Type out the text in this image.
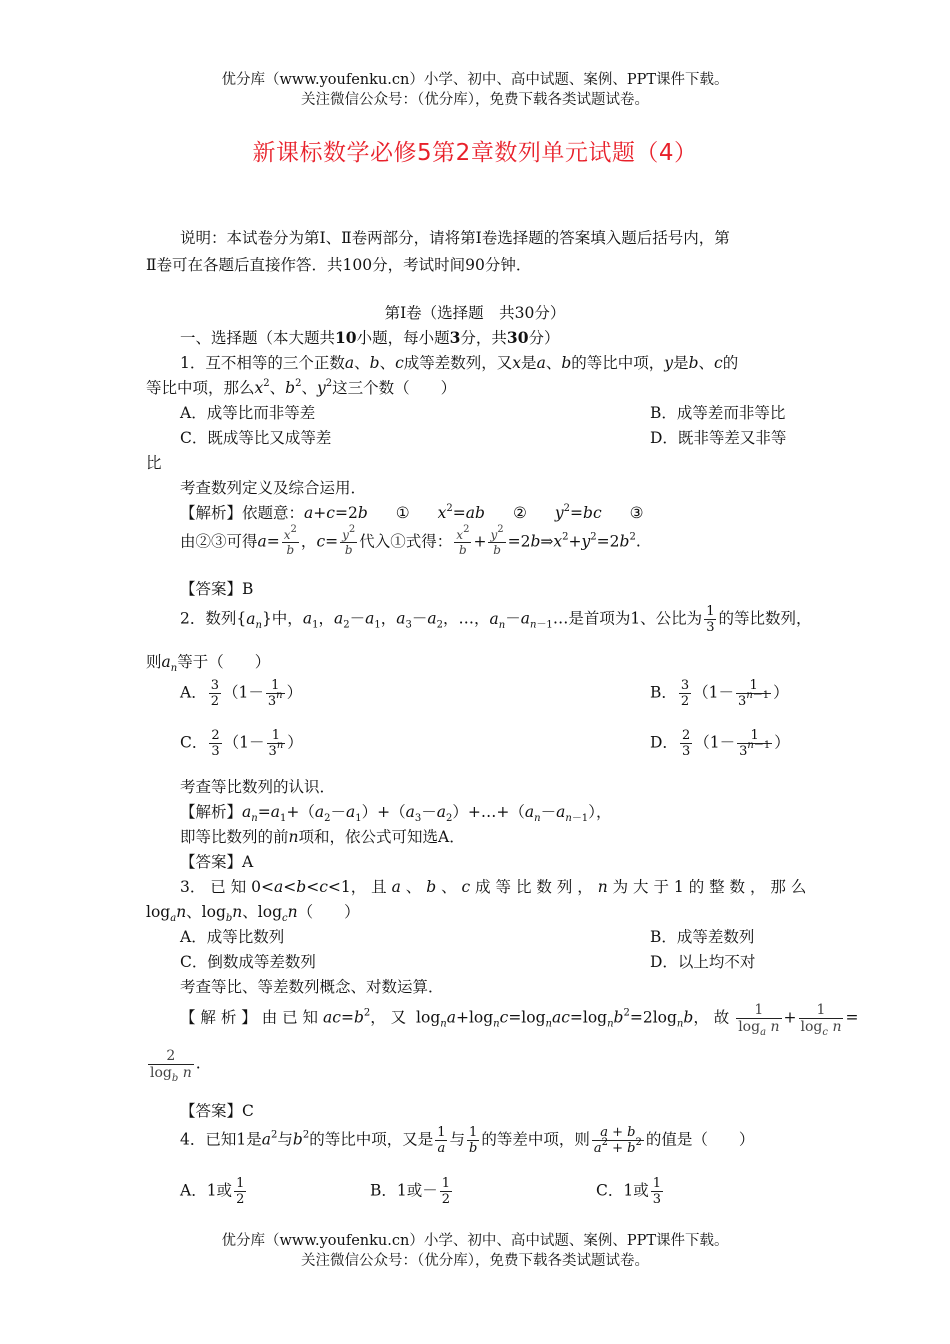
优分库（www.youfenku.cn）小学、初中、高中试题、案例、PPT课件下载。
关注微信公众号：（优分库），免费下载各类试题试卷。
新课标数学必修5第2章数列单元试题（4）
说明：本试卷分为第Ⅰ、Ⅱ卷两部分，请将第Ⅰ卷选择题的答案填入题后括号内，第
Ⅱ卷可在各题后直接作答．共100分，考试时间90分钟．
第Ⅰ卷（选择题　共30分）
一、选择题（本大题共10小题，每小题3分，共30分）
1．互不相等的三个正数a、b、c成等差数列，又x是a、b的等比中项，y是b、c的
等比中项，那么$x^2$、$b^2$、$y^2$这三个数（　　）
A．成等比而非等差	B．成等差而非等比
C．既成等比又成等差	D．既非等差又非等
比
考查数列定义及综合运用．
【解析】依题意：a+c=2b ① $x^2=ab$ ② $y^2=bc$ ③
由②③可得$a= \frac{x^2}{b}$ ，$c= \frac{y^2}{b}$ 代入①式得： $\frac{x^2}{b} + \frac{y^2}{b}$ $=2b\Rightarrow x^2+y^2=2b^2$.
【答案】B
2．数列$\{a_n\}$中，$a_1$，$a_2-a_1$，$a_3-a_2$，…，$a_n-a_{n-1}\dots$是首项为1、公比为 $\frac{1}{3}$ 的等比数列，
则$a_n$等于（　　）
A． $\frac{3}{2} (1- \frac{1}{3^n}$ ）	B． $\frac{3}{2} (1- \frac{1}{3^{n-1}}$ ）
C． $\frac{2}{3} (1- \frac{1}{3^n}$ ）	D． $\frac{2}{3} (1- \frac{1}{3^{n-1}}$ ）
考查等比数列的认识．
【解析】$a_n=a_1+(a_2-a_1)+(a_3-a_2)+\dots+(a_n-a_{n-1})$，
即等比数列的前n项和，依公式可知选A．
【答案】A
3． 已 知 0<a<b<c<1， 且 a 、 b 、 c 成 等 比 数 列 ， n 为 大 于 1 的 整 数 ， 那 么
$\log_an$、$\log_bn$、$\log_cn$（　　）
A．成等比数列	B．成等差数列
C．倒数成等差数列	D．以上均不对
考查等比、等差数列概念、对数运算．
【 解 析 】 由 已 知 $ac=b^2$， 又  $\log_na+\log_nc=\log_nac=\log_nb^2=2\log_nb$， 故 $\frac{1}{\log_a n} + \frac{1}{\log_c n}$ =
$\frac{2}{\log_b n}$ .
【答案】C
4．已知1是$a^2$与$b^2$的等比中项，又是 $\frac{1}{a}$ 与 $\frac{1}{b}$ 的等差中项，则 $\frac{a + b}{a^2 + b^2}$ 的值是（　　）
A．1或 $\frac{1}{2}$	B．1或－ $\frac{1}{2}$	C．1或 $\frac{1}{3}$
优分库（www.youfenku.cn）小学、初中、高中试题、案例、PPT课件下载。
关注微信公众号：（优分库），免费下载各类试题试卷。
